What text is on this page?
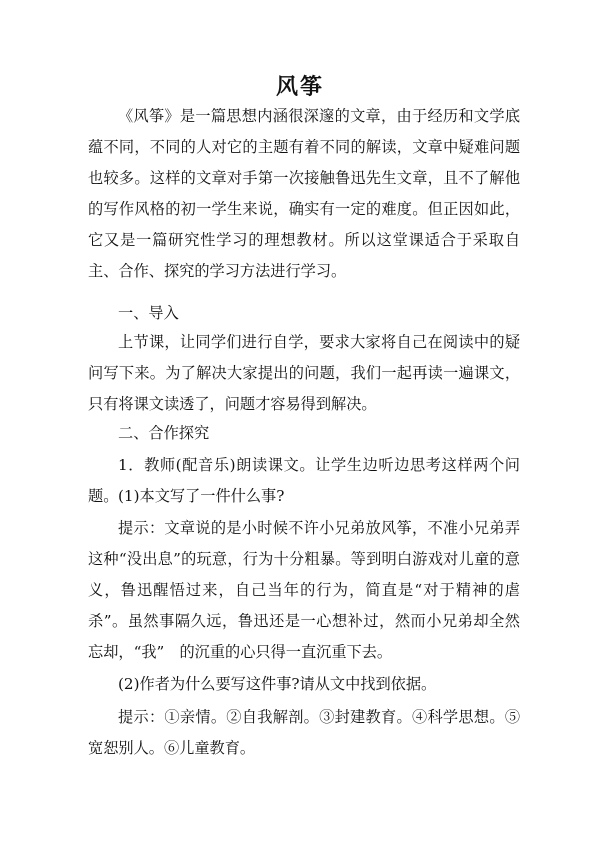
风筝

《风筝》是一篇思想内涵很深邃的文章，由于经历和文学底蕴不同，不同的人对它的主题有着不同的解读，文章中疑难问题也较多。这样的文章对手第一次接触鲁迅先生文章，且不了解他的写作风格的初一学生来说，确实有一定的难度。但正因如此，它又是一篇研究性学习的理想教材。所以这堂课适合于采取自主、合作、探究的学习方法进行学习。

一、导入

上节课，让同学们进行自学，要求大家将自己在阅读中的疑问写下来。为了解决大家提出的问题，我们一起再读一遍课文，只有将课文读透了，问题才容易得到解决。

二、合作探究

1．教师(配音乐)朗读课文。让学生边听边思考这样两个问题。 (1)本文写了一件什么事?

提示：文章说的是小时候不许小兄弟放风筝，不准小兄弟弄这种“没出息”的玩意，行为十分粗暴。等到明白游戏对儿童的意义，鲁迅醒悟过来，自己当年的行为，简直是“对于精神的虐杀”。虽然事隔久远，鲁迅还是一心想补过，然而小兄弟却全然忘却，“我”　的沉重的心只得一直沉重下去。

(2)作者为什么要写这件事?请从文中找到依据。

提示：①亲情。②自我解剖。③封建教育。④科学思想。⑤宽恕别人。⑥儿童教育。
